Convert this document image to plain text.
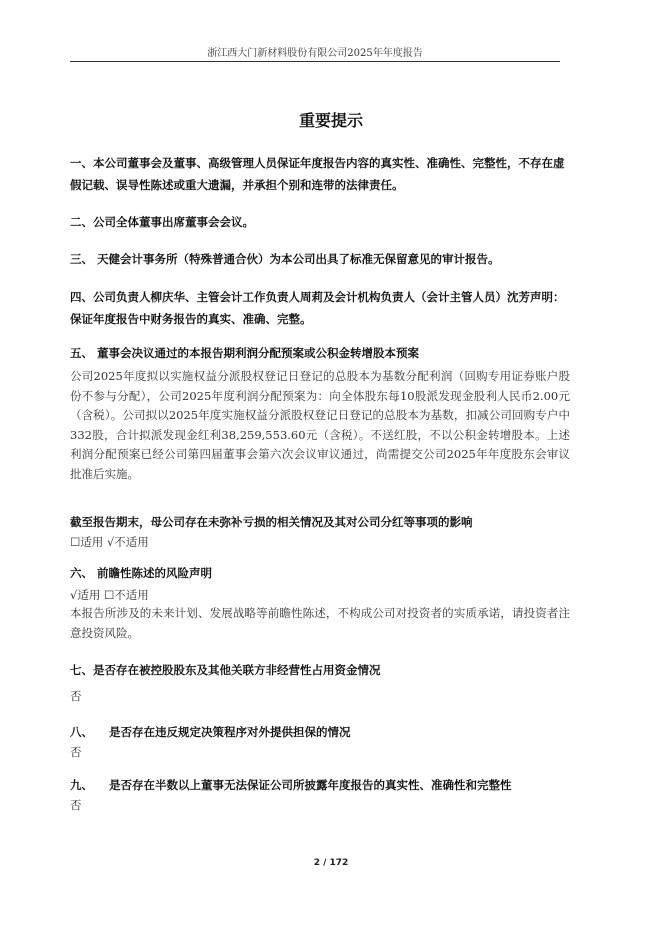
浙江西大门新材料股份有限公司2025年年度报告
重要提示
一、本公司董事会及董事、高级管理人员保证年度报告内容的真实性、准确性、完整性，不存在虚假记载、误导性陈述或重大遗漏，并承担个别和连带的法律责任。
二、公司全体董事出席董事会会议。
三、 天健会计事务所（特殊普通合伙）为本公司出具了标准无保留意见的审计报告。
四、公司负责人柳庆华、主管会计工作负责人周莉及会计机构负责人（会计主管人员）沈芳声明：保证年度报告中财务报告的真实、准确、完整。
五、 董事会决议通过的本报告期利润分配预案或公积金转增股本预案
公司2025年度拟以实施权益分派股权登记日登记的总股本为基数分配利润（回购专用证券账户股份不参与分配），公司2025年度利润分配预案为：向全体股东每10股派发现金股利人民币2.00元（含税）。公司拟以2025年度实施权益分派股权登记日登记的总股本为基数，扣减公司回购专户中332股，合计拟派发现金红利38,259,553.60元（含税）。不送红股，不以公积金转增股本。上述利润分配预案已经公司第四届董事会第六次会议审议通过，尚需提交公司2025年年度股东会审议批准后实施。
截至报告期末，母公司存在未弥补亏损的相关情况及其对公司分红等事项的影响
☐适用 √不适用
六、 前瞻性陈述的风险声明
√适用 ☐不适用
本报告所涉及的未来计划、发展战略等前瞻性陈述，不构成公司对投资者的实质承诺，请投资者注意投资风险。
七、是否存在被控股股东及其他关联方非经营性占用资金情况
否
八、    是否存在违反规定决策程序对外提供担保的情况
否
九、    是否存在半数以上董事无法保证公司所披露年度报告的真实性、准确性和完整性
否
2 / 172
